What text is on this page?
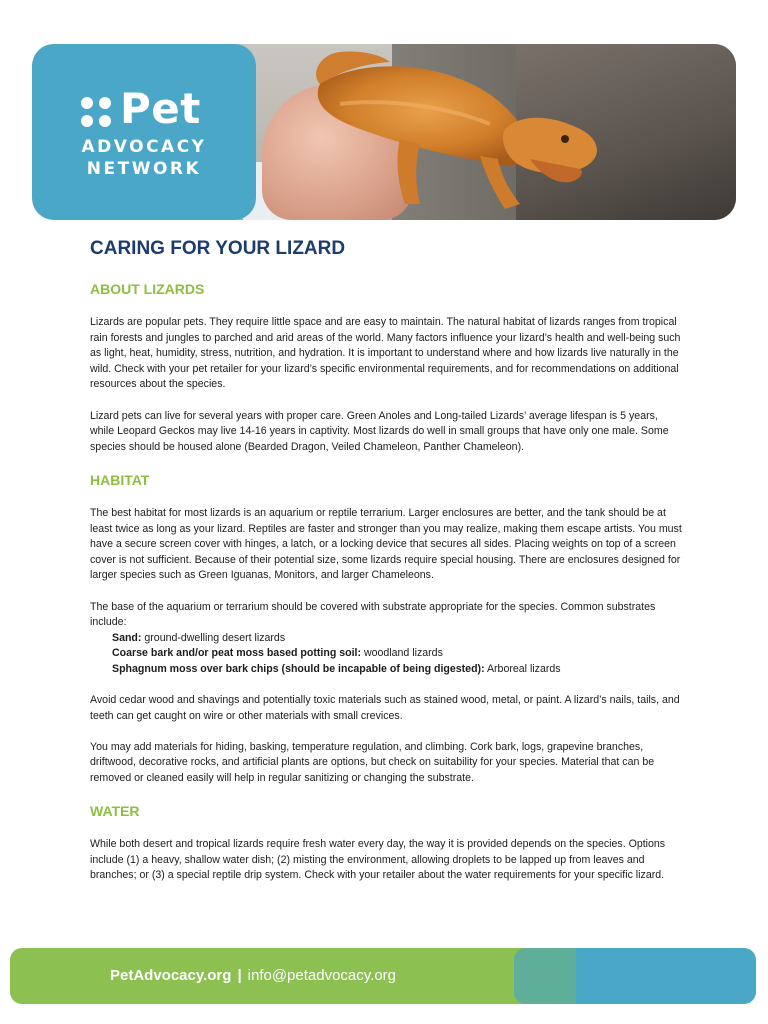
Pet
ADVOCACY
NETWORK
CARING FOR YOUR LIZARD
ABOUT LIZARDS

Lizards are popular pets. They require little space and are easy to maintain. The natural habitat of lizards ranges from tropical rain forests and jungles to parched and arid areas of the world. Many factors influence your lizard’s health and well-being such as light, heat, humidity, stress, nutrition, and hydration. It is important to understand where and how lizards live naturally in the wild. Check with your pet retailer for your lizard’s specific environmental requirements, and for recommendations on additional resources about the species.

Lizard pets can live for several years with proper care. Green Anoles and Long-tailed Lizards’ average lifespan is 5 years, while Leopard Geckos may live 14-16 years in captivity. Most lizards do well in small groups that have only one male. Some species should be housed alone (Bearded Dragon, Veiled Chameleon, Panther Chameleon).

HABITAT

The best habitat for most lizards is an aquarium or reptile terrarium. Larger enclosures are better, and the tank should be at least twice as long as your lizard. Reptiles are faster and stronger than you may realize, making them escape artists. You must have a secure screen cover with hinges, a latch, or a locking device that secures all sides. Placing weights on top of a screen cover is not sufficient. Because of their potential size, some lizards require special housing. There are enclosures designed for larger species such as Green Iguanas, Monitors, and larger Chameleons.

The base of the aquarium or terrarium should be covered with substrate appropriate for the species. Common substrates include:
Sand: ground-dwelling desert lizards
Coarse bark and/or peat moss based potting soil: woodland lizards
Sphagnum moss over bark chips (should be incapable of being digested): Arboreal lizards

Avoid cedar wood and shavings and potentially toxic materials such as stained wood, metal, or paint. A lizard’s nails, tails, and teeth can get caught on wire or other materials with small crevices.

You may add materials for hiding, basking, temperature regulation, and climbing. Cork bark, logs, grapevine branches, driftwood, decorative rocks, and artificial plants are options, but check on suitability for your species. Material that can be removed or cleaned easily will help in regular sanitizing or changing the substrate.

WATER

While both desert and tropical lizards require fresh water every day, the way it is provided depends on the species. Options include (1) a heavy, shallow water dish; (2) misting the environment, allowing droplets to be lapped up from leaves and branches; or (3) a special reptile drip system. Check with your retailer about the water requirements for your specific lizard.

PetAdvocacy.org | info@petadvocacy.org
